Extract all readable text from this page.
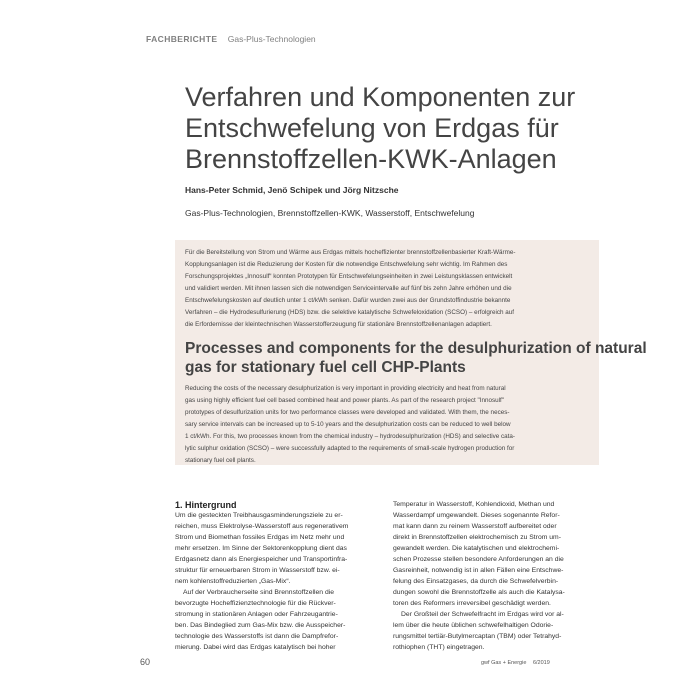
FACHBERICHTE Gas-Plus-Technologien
Verfahren und Komponenten zur
Entschwefelung von Erdgas für
Brennstoffzellen-KWK-Anlagen
Hans-Peter Schmid, Jenö Schipek und Jörg Nitzsche
Gas-Plus-Technologien, Brennstoffzellen-KWK, Wasserstoff, Entschwefelung
Für die Bereitstellung von Strom und Wärme aus Erdgas mittels hocheffizienter brennstoffzellenbasierter Kraft-Wärme-
Kopplungsanlagen ist die Reduzierung der Kosten für die notwendige Entschwefelung sehr wichtig. Im Rahmen des
Forschungsprojektes „Innosulf“ konnten Prototypen für Entschwefelungseinheiten in zwei Leistungsklassen entwickelt
und validiert werden. Mit ihnen lassen sich die notwendigen Serviceintervalle auf fünf bis zehn Jahre erhöhen und die
Entschwefelungskosten auf deutlich unter 1 ct/kWh senken. Dafür wurden zwei aus der Grundstoffindustrie bekannte
Verfahren – die Hydrodesulfurierung (HDS) bzw. die selektive katalytische Schwefeloxidation (SCSO) – erfolgreich auf
die Erfordernisse der kleintechnischen Wasserstofferzeugung für stationäre Brennstoffzellenanlagen adaptiert.
Processes and components for the desulphurization of natural
gas for stationary fuel cell CHP-Plants
Reducing the costs of the necessary desulphurization is very important in providing electricity and heat from natural
gas using highly efficient fuel cell based combined heat and power plants. As part of the research project "Innosulf"
prototypes of desulfurization units for two performance classes were developed and validated. With them, the neces-
sary service intervals can be increased up to 5-10 years and the desulphurization costs can be reduced to well below
1 ct/kWh. For this, two processes known from the chemical industry – hydrodesulphurization (HDS) and selective cata-
lytic sulphur oxidation (SCSO) – were successfully adapted to the requirements of small-scale hydrogen production for
stationary fuel cell plants.
1. Hintergrund
Um die gesteckten Treibhausgasminderungsziele zu er-
reichen, muss Elektrolyse-Wasserstoff aus regenerativem
Strom und Biomethan fossiles Erdgas im Netz mehr und
mehr ersetzen. Im Sinne der Sektorenkopplung dient das
Erdgasnetz dann als Energiespeicher und Transportinfra-
struktur für erneuerbaren Strom in Wasserstoff bzw. ei-
nem kohlenstoffreduzierten „Gas-Mix“.
Auf der Verbraucherseite sind Brennstoffzellen die
bevorzugte Hocheffizienztechnologie für die Rückver-
stromung in stationären Anlagen oder Fahrzeugantrie-
ben. Das Bindeglied zum Gas-Mix bzw. die Ausspeicher-
technologie des Wasserstoffs ist dann die Dampfrefor-
mierung. Dabei wird das Erdgas katalytisch bei hoher
Temperatur in Wasserstoff, Kohlendioxid, Methan und
Wasserdampf umgewandelt. Dieses sogenannte Refor-
mat kann dann zu reinem Wasserstoff aufbereitet oder
direkt in Brennstoffzellen elektrochemisch zu Strom um-
gewandelt werden. Die katalytischen und elektrochemi-
schen Prozesse stellen besondere Anforderungen an die
Gasreinheit, notwendig ist in allen Fällen eine Entschwe-
felung des Einsatzgases, da durch die Schwefelverbin-
dungen sowohl die Brennstoffzelle als auch die Katalysa-
toren des Reformers irreversibel geschädigt werden.
Der Großteil der Schwefelfracht im Erdgas wird vor al-
lem über die heute üblichen schwefelhaltigen Odorie-
rungsmittel tertiär-Butylmercaptan (TBM) oder Tetrahyd-
rothiophen (THT) eingetragen.
60	gwf Gas + Energie 6/2019
